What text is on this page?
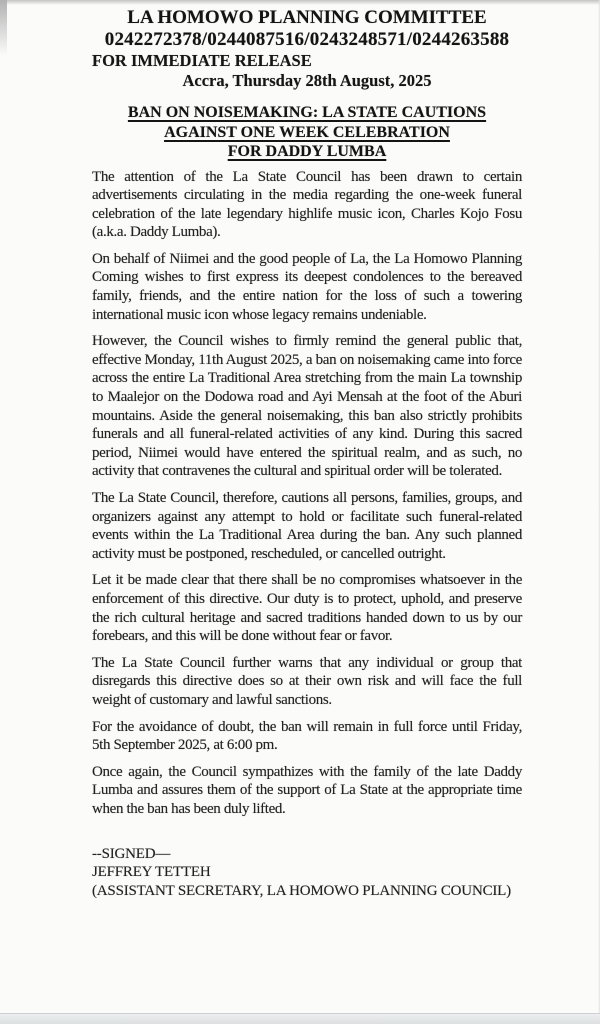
LA HOMOWO PLANNING COMMITTEE
0242272378/0244087516/0243248571/0244263588
FOR IMMEDIATE RELEASE
Accra, Thursday 28th August, 2025
BAN ON NOISEMAKING: LA STATE CAUTIONS
AGAINST ONE WEEK CELEBRATION
FOR DADDY LUMBA

The attention of the La State Council has been drawn to certain advertisements circulating in the media regarding the one-week funeral celebration of the late legendary highlife music icon, Charles Kojo Fosu (a.k.a. Daddy Lumba).

On behalf of Niimei and the good people of La, the La Homowo Planning Coming wishes to first express its deepest condolences to the bereaved family, friends, and the entire nation for the loss of such a towering international music icon whose legacy remains undeniable.

However, the Council wishes to firmly remind the general public that, effective Monday, 11th August 2025, a ban on noisemaking came into force across the entire La Traditional Area stretching from the main La township to Maalejor on the Dodowa road and Ayi Mensah at the foot of the Aburi mountains. Aside the general noisemaking, this ban also strictly prohibits funerals and all funeral-related activities of any kind. During this sacred period, Niimei would have entered the spiritual realm, and as such, no activity that contravenes the cultural and spiritual order will be tolerated.

The La State Council, therefore, cautions all persons, families, groups, and organizers against any attempt to hold or facilitate such funeral-related events within the La Traditional Area during the ban. Any such planned activity must be postponed, rescheduled, or cancelled outright.

Let it be made clear that there shall be no compromises whatsoever in the enforcement of this directive. Our duty is to protect, uphold, and preserve the rich cultural heritage and sacred traditions handed down to us by our forebears, and this will be done without fear or favor.

The La State Council further warns that any individual or group that disregards this directive does so at their own risk and will face the full weight of customary and lawful sanctions.

For the avoidance of doubt, the ban will remain in full force until Friday, 5th September 2025, at 6:00 pm.

Once again, the Council sympathizes with the family of the late Daddy Lumba and assures them of the support of La State at the appropriate time when the ban has been duly lifted.

--SIGNED—
JEFFREY TETTEH
(ASSISTANT SECRETARY, LA HOMOWO PLANNING COUNCIL)
